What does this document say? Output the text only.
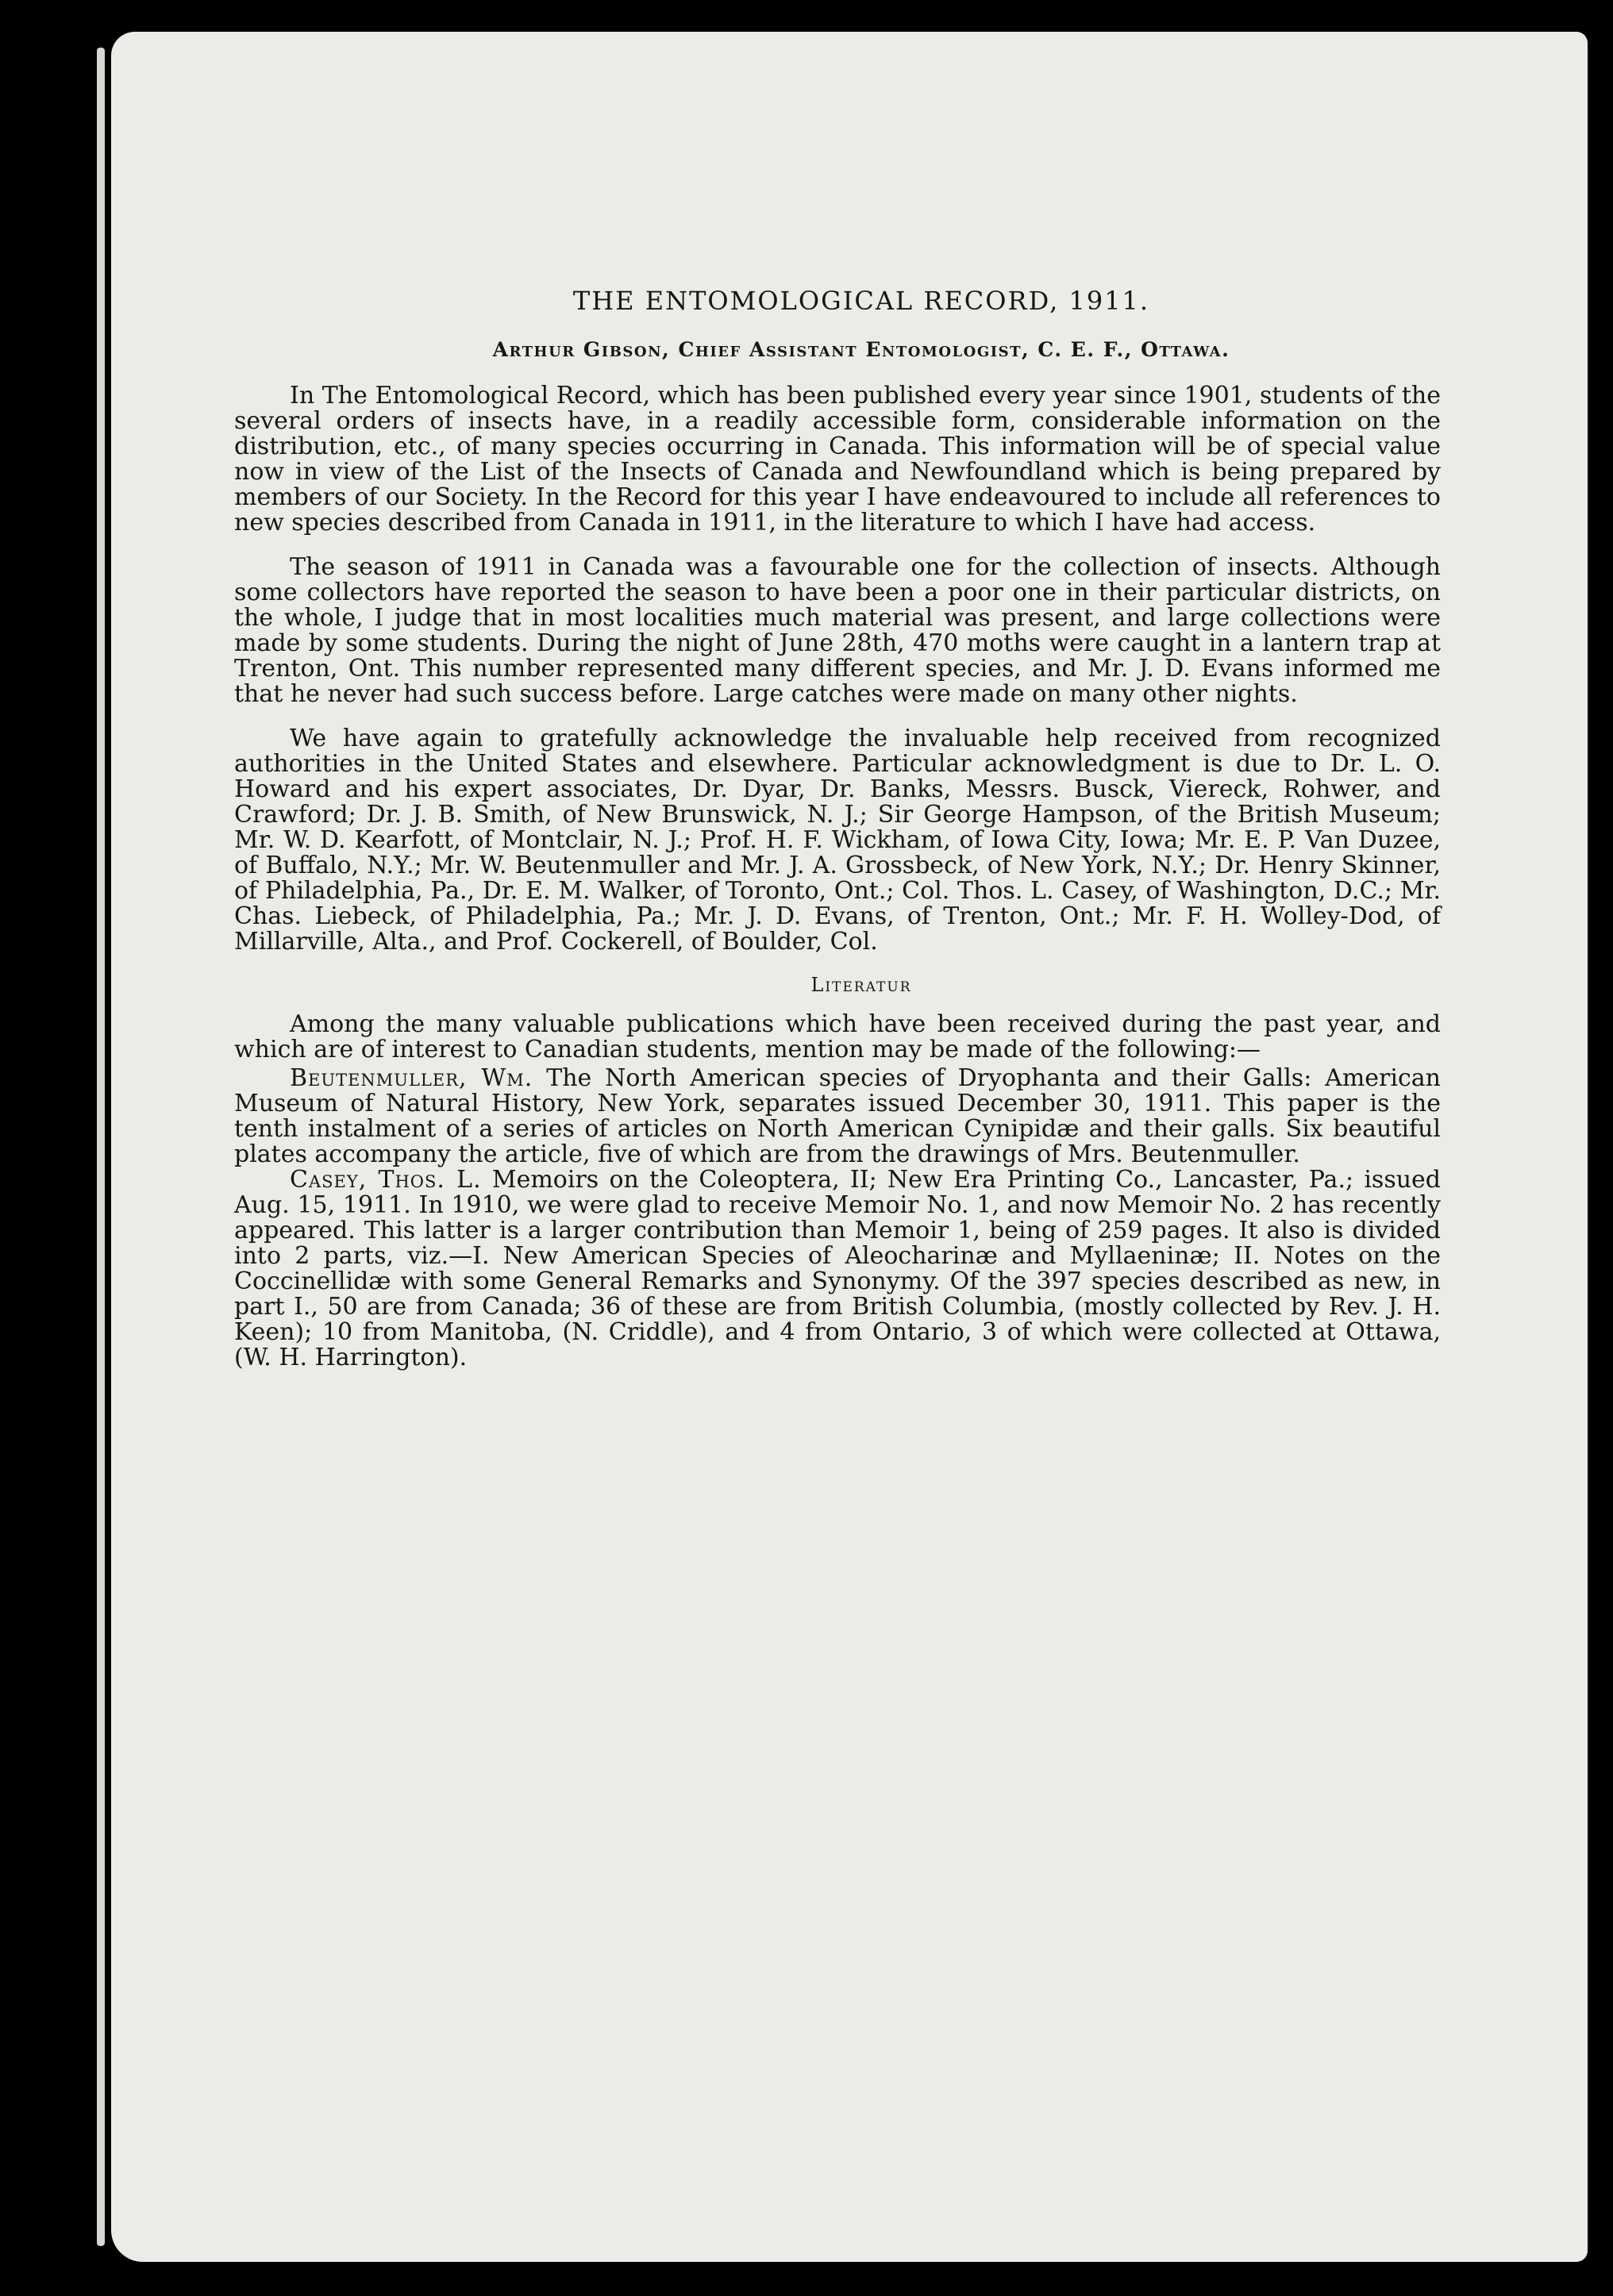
THE ENTOMOLOGICAL RECORD, 1911.
Arthur Gibson, Chief Assistant Entomologist, C. E. F., Ottawa.

In The Entomological Record, which has been published every year since 1901, students of the several orders of insects have, in a readily accessible form, considerable information on the distribution, etc., of many species occurring in Canada. This information will be of special value now in view of the List of the Insects of Canada and Newfoundland which is being prepared by members of our Society. In the Record for this year I have endeavoured to include all references to new species described from Canada in 1911, in the literature to which I have had access.

The season of 1911 in Canada was a favourable one for the collection of insects. Although some collectors have reported the season to have been a poor one in their particular districts, on the whole, I judge that in most localities much material was present, and large collections were made by some students. During the night of June 28th, 470 moths were caught in a lantern trap at Trenton, Ont. This number represented many different species, and Mr. J. D. Evans informed me that he never had such success before. Large catches were made on many other nights.

We have again to gratefully acknowledge the invaluable help received from recognized authorities in the United States and elsewhere. Particular acknowledgment is due to Dr. L. O. Howard and his expert associates, Dr. Dyar, Dr. Banks, Messrs. Busck, Viereck, Rohwer, and Crawford; Dr. J. B. Smith, of New Brunswick, N. J.; Sir George Hampson, of the British Museum; Mr. W. D. Kearfott, of Montclair, N. J.; Prof. H. F. Wickham, of Iowa City, Iowa; Mr. E. P. Van Duzee, of Buffalo, N.Y.; Mr. W. Beutenmuller and Mr. J. A. Grossbeck, of New York, N.Y.; Dr. Henry Skinner, of Philadelphia, Pa., Dr. E. M. Walker, of Toronto, Ont.; Col. Thos. L. Casey, of Washington, D.C.; Mr. Chas. Liebeck, of Philadelphia, Pa.; Mr. J. D. Evans, of Trenton, Ont.; Mr. F. H. Wolley-Dod, of Millarville, Alta., and Prof. Cockerell, of Boulder, Col.

Literatur

Among the many valuable publications which have been received during the past year, and which are of interest to Canadian students, mention may be made of the following:—

Beutenmuller, Wm. The North American species of Dryophanta and their Galls: American Museum of Natural History, New York, separates issued December 30, 1911. This paper is the tenth instalment of a series of articles on North American Cynipidæ and their galls. Six beautiful plates accompany the article, five of which are from the drawings of Mrs. Beutenmuller.

Casey, Thos. L. Memoirs on the Coleoptera, II; New Era Printing Co., Lancaster, Pa.; issued Aug. 15, 1911. In 1910, we were glad to receive Memoir No. 1, and now Memoir No. 2 has recently appeared. This latter is a larger contribution than Memoir 1, being of 259 pages. It also is divided into 2 parts, viz.—I. New American Species of Aleocharinæ and Myllaeninæ; II. Notes on the Coccinellidæ with some General Remarks and Synonymy. Of the 397 species described as new, in part I., 50 are from Canada; 36 of these are from British Columbia, (mostly collected by Rev. J. H. Keen); 10 from Manitoba, (N. Criddle), and 4 from Ontario, 3 of which were collected at Ottawa, (W. H. Harrington).
